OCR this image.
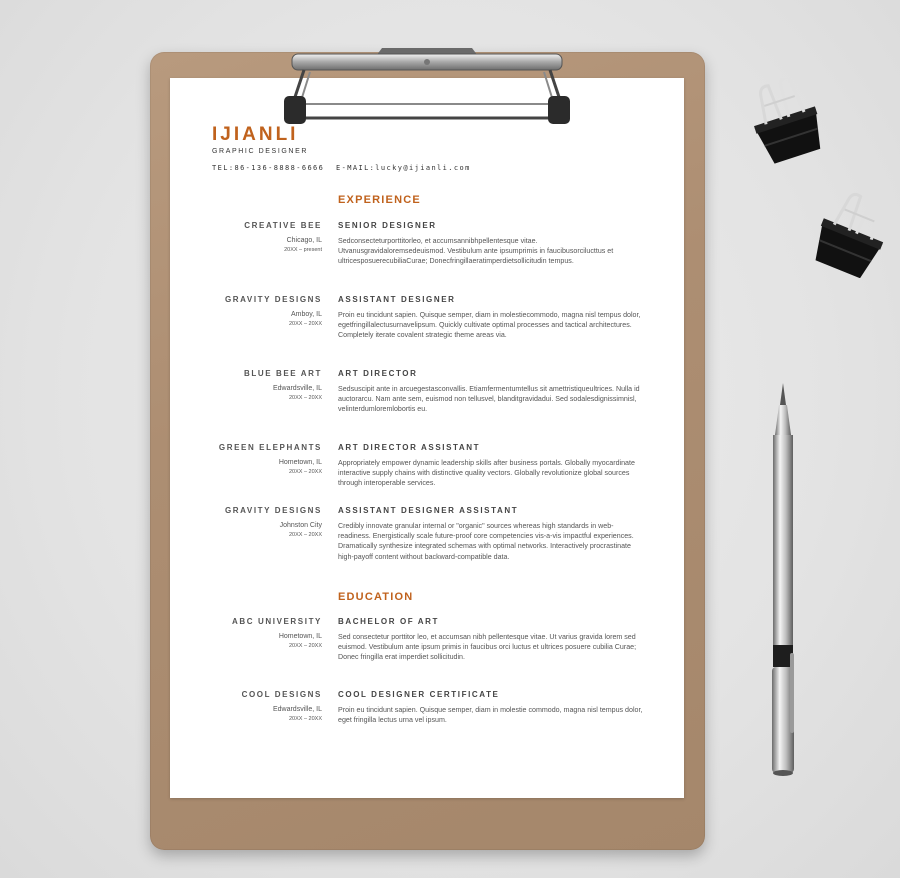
IJIANLI
GRAPHIC DESIGNER
TEL:86-136-8888-6666 E-MAIL:lucky@ijianli.com
EXPERIENCE
CREATIVE BEE
Chicago, IL
20XX – present
SENIOR DESIGNER
Sedconsecteturporttitorleo, et accumsannibhpellentesque vitae. Utvanusgravidaloremsedeuismod. Vestibulum ante ipsumprimis in faucibusorcilucttus et ultricesposuerecubiliaCurae; Donecfringillaeratimperdietsollicitudin tempus.
GRAVITY DESIGNS
Amboy, IL
20XX – 20XX
ASSISTANT DESIGNER
Proin eu tincidunt sapien. Quisque semper, diam in molestiecommodo, magna nisl tempus dolor, egetfringillalectusurnavelipsum. Quickly cultivate optimal processes and tactical architectures. Completely iterate covalent strategic theme areas via.
BLUE BEE ART
Edwardsville, IL
20XX – 20XX
ART DIRECTOR
Sedsuscipit ante in arcuegestasconvallis. Etiamfermentumtellus sit amettristiqueultrices. Nulla id auctorarcu. Nam ante sem, euismod non tellusvel, blanditgravidadui. Sed sodalesdignissimnisl, velinterdumloremlobortis eu.
GREEN ELEPHANTS
Hometown, IL
20XX – 20XX
ART DIRECTOR ASSISTANT
Appropriately empower dynamic leadership skills after business portals. Globally myocardinate interactive supply chains with distinctive quality vectors. Globally revolutionize global sources through interoperable services.
GRAVITY DESIGNS
Johnston City
20XX – 20XX
ASSISTANT DESIGNER ASSISTANT
Credibly innovate granular internal or "organic" sources whereas high standards in web-readiness. Energistically scale future-proof core competencies vis-a-vis impactful experiences. Dramatically synthesize integrated schemas with optimal networks. Interactively procrastinate high-payoff content without backward-compatible data.
EDUCATION
ABC UNIVERSITY
Hometown, IL
20XX – 20XX
BACHELOR OF ART
Sed consectetur porttitor leo, et accumsan nibh pellentesque vitae. Ut varius gravida lorem sed euismod. Vestibulum ante ipsum primis in faucibus orci luctus et ultrices posuere cubilia Curae; Donec fringilla erat imperdiet sollicitudin.
COOL DESIGNS
Edwardsville, IL
20XX – 20XX
COOL DESIGNER CERTIFICATE
Proin eu tincidunt sapien. Quisque semper, diam in molestie commodo, magna nisl tempus dolor, eget fringilla lectus urna vel ipsum.
